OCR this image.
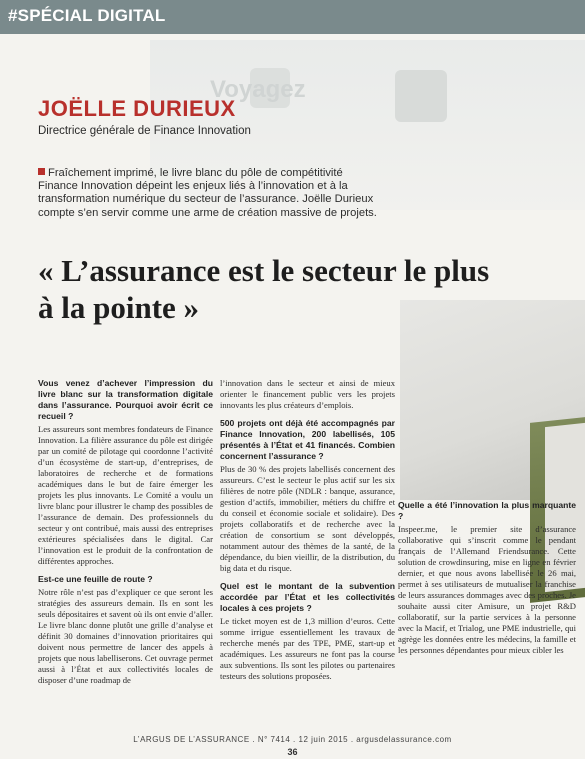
#SPÉCIAL DIGITAL
Voyagez
JOËLLE DURIEUX
Directrice générale de Finance Innovation
Fraîchement imprimé, le livre blanc du pôle de compétitivité Finance Innovation dépeint les enjeux liés à l’innovation et à la transformation numérique du secteur de l’assurance. Joëlle Durieux compte s’en servir comme une arme de création massive de projets.
« L’assurance est le secteur le plus à la pointe »

Vous venez d’achever l’impression du livre blanc sur la transformation digitale dans l’assurance. Pourquoi avoir écrit ce recueil ?

Les assureurs sont membres fondateurs de Finance Innovation. La filière assurance du pôle est dirigée par un comité de pilotage qui coordonne l’activité d’un écosystème de start-up, d’entreprises, de laboratoires de recherche et de formations académiques dans le but de faire émerger les projets les plus innovants. Le Comité a voulu un livre blanc pour illustrer le champ des possibles de l’assurance de demain. Des professionnels du secteur y ont contribué, mais aussi des entreprises extérieures spécialisées dans le digital. Car l’innovation est le produit de la confrontation de différentes approches.

Est-ce une feuille de route ?

Notre rôle n’est pas d’expliquer ce que seront les stratégies des assureurs demain. Ils en sont les seuls dépositaires et savent où ils ont envie d’aller. Le livre blanc donne plutôt une grille d’analyse et définit 30 domaines d’innovation prioritaires qui doivent nous permettre de lancer des appels à projets que nous labelliserons. Cet ouvrage permet aussi à l’État et aux collectivités locales de disposer d’une roadmap de

l’innovation dans le secteur et ainsi de mieux orienter le financement public vers les projets innovants les plus créateurs d’emplois.

500 projets ont déjà été accompagnés par Finance Innovation, 200 labellisés, 105 présentés à l’État et 41 financés. Combien concernent l’assurance ?

Plus de 30 % des projets labellisés concernent des assureurs. C’est le secteur le plus actif sur les six filières de notre pôle (NDLR : banque, assurance, gestion d’actifs, immobilier, métiers du chiffre et du conseil et économie sociale et solidaire). Des projets collaboratifs et de recherche avec la création de consortium se sont développés, notamment autour des thèmes de la santé, de la dépendance, du bien vieillir, de la distribution, du big data et du risque.

Quel est le montant de la subvention accordée par l’État et les collectivités locales à ces projets ?

Le ticket moyen est de 1,3 million d’euros. Cette somme irrigue essentiellement les travaux de recherche menés par des TPE, PME, start-up et académiques. Les assureurs ne font pas la course aux subventions. Ils sont les pilotes ou partenaires testeurs des solutions proposées.

Quelle a été l’innovation la plus marquante ?

Inspeer.me, le premier site d’assurance collaborative qui s’inscrit comme le pendant français de l’Allemand Friendsurance. Cette solution de crowdinsuring, mise en ligne en février dernier, et que nous avons labellisée le 26 mai, permet à ses utilisateurs de mutualiser la franchise de leurs assurances dommages avec des proches. Je souhaite aussi citer Amisure, un projet R&D collaboratif, sur la partie services à la personne avec la Macif, et Trialog, une PME industrielle, qui agrège les données entre les médecins, la famille et les personnes dépendantes pour mieux cibler les

L’ARGUS DE L’ASSURANCE . N° 7414 . 12 juin 2015 . argusdelassurance.com
36
